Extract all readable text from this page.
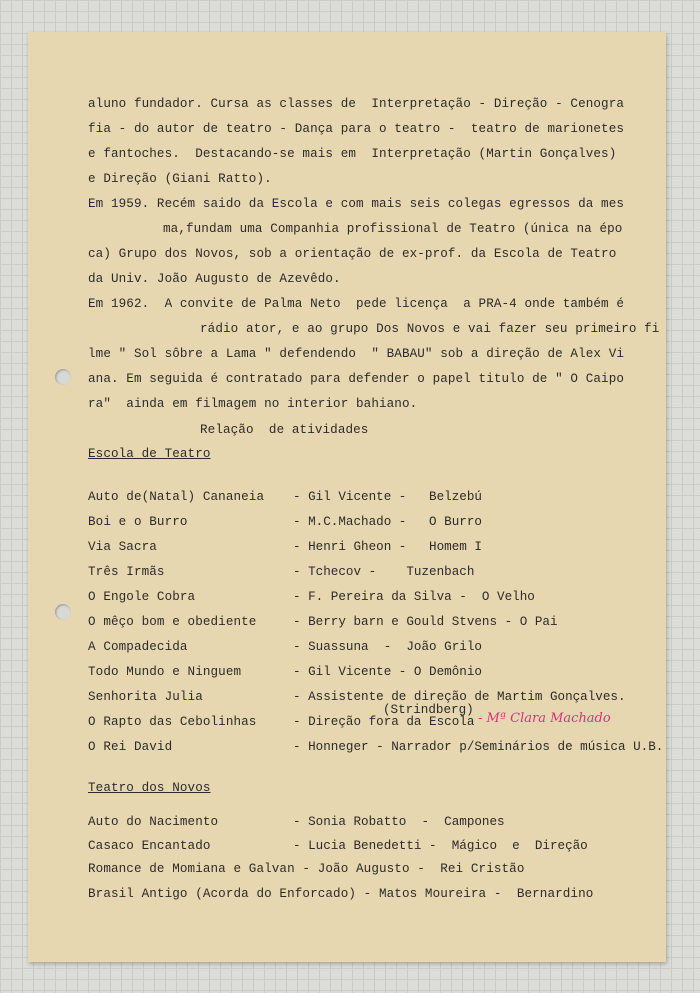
aluno fundador. Cursa as classes de  Interpretação - Direção - Cenogra
fia - do autor de teatro - Dança para o teatro -  teatro de marionetes
e fantoches.  Destacando-se mais em  Interpretação (Martin Gonçalves)
e Direção (Giani Ratto).
Em 1959. Recém saido da Escola e com mais seis colegas egressos da mes
ma,fundam uma Companhia profissional de Teatro (única na épo
ca) Grupo dos Novos, sob a orientação de ex-prof. da Escola de Teatro
da Univ. João Augusto de Azevêdo.
Em 1962.  A convite de Palma Neto  pede licença  a PRA-4 onde também é
rádio ator, e ao grupo Dos Novos e vai fazer seu primeiro fi
lme " Sol sôbre a Lama " defendendo  " BABAU" sob a direção de Alex Vi
ana. Em seguida é contratado para defender o papel titulo de " O Caipo
ra"  ainda em filmagem no interior bahiano.
Relação  de atividades
Escola de Teatro
Auto de(Natal) Cananeia - Gil Vicente -   Belzebú
Boi e o Burro	- M.C.Machado -   O Burro
Via Sacra	- Henri Gheon -   Homem I
Três Irmãs	- Tchecov -    Tuzenbach
O Engole Cobra	- F. Pereira da Silva -  O Velho
O mêço bom e obediente	- Berry barn e Gould Stvens - O Pai
A Compadecida	- Suassuna  -  João Grilo
Todo Mundo e Ninguem	- Gil Vicente - O Demônio
Senhorita Julia	- Assistente de direção de Martim Gonçalves.
(Strindberg)
O Rapto das Cebolinhas	- Direção fora da Escola - Mª Clara Machado
O Rei David	- Honneger - Narrador p/Seminários de música U.B.
Teatro dos Novos
Auto do Nacimento	- Sonia Robatto  -  Campones
Casaco Encantado	- Lucia Benedetti -  Mágico  e  Direção
Romance de Momiana e Galvan - João Augusto -  Rei Cristão
Brasil Antigo (Acorda do Enforcado) - Matos Moureira -  Bernardino
